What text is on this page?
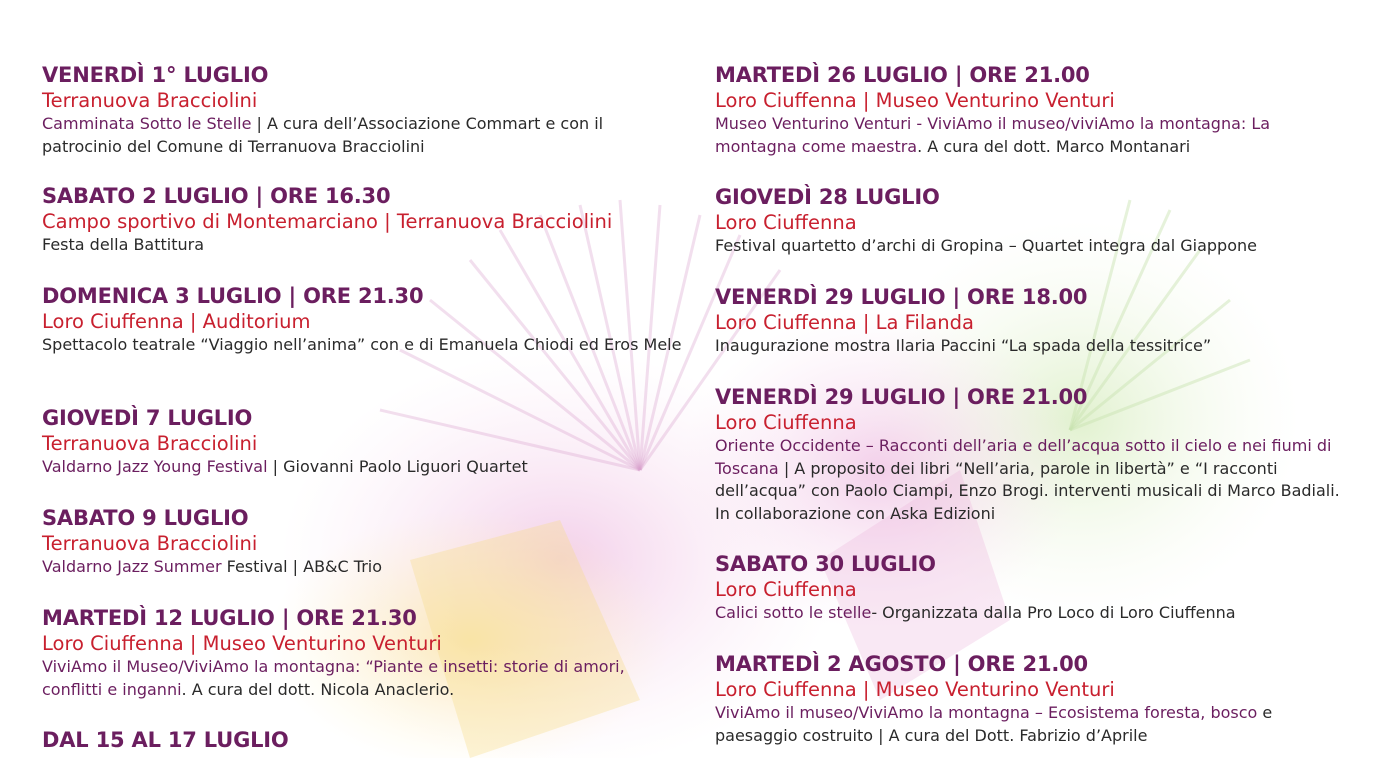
VENERDÌ 1° LUGLIO
Terranuova Bracciolini
Camminata Sotto le Stelle | A cura dell’Associazione Commart e con il patrocinio del Comune di Terranuova Bracciolini
SABATO 2 LUGLIO | ORE 16.30
Campo sportivo di Montemarciano | Terranuova Bracciolini
Festa della Battitura
DOMENICA 3 LUGLIO | ORE 21.30
Loro Ciuffenna | Auditorium
Spettacolo teatrale “Viaggio nell’anima” con e di Emanuela Chiodi ed Eros Mele
GIOVEDÌ 7 LUGLIO
Terranuova Bracciolini
Valdarno Jazz Young Festival | Giovanni Paolo Liguori Quartet
SABATO 9 LUGLIO
Terranuova Bracciolini
Valdarno Jazz Summer Festival | AB&C Trio
MARTEDÌ 12 LUGLIO | ORE 21.30
Loro Ciuffenna | Museo Venturino Venturi
ViviAmo il Museo/ViviAmo la montagna: “Piante e insetti: storie di amori, conflitti e inganni. A cura del dott. Nicola Anaclerio.
DAL 15 AL 17 LUGLIO
MARTEDÌ 26 LUGLIO | ORE 21.00
Loro Ciuffenna | Museo Venturino Venturi
Museo Venturino Venturi - ViviAmo il museo/viviAmo la montagna: La montagna come maestra. A cura del dott. Marco Montanari
GIOVEDÌ 28 LUGLIO
Loro Ciuffenna
Festival quartetto d’archi di Gropina – Quartet integra dal Giappone
VENERDÌ 29 LUGLIO | ORE 18.00
Loro Ciuffenna | La Filanda
Inaugurazione mostra Ilaria Paccini “La spada della tessitrice”
VENERDÌ 29 LUGLIO | ORE 21.00
Loro Ciuffenna
Oriente Occidente – Racconti dell’aria e dell’acqua sotto il cielo e nei fiumi di Toscana | A proposito dei libri “Nell’aria, parole in libertà” e “I racconti dell’acqua” con Paolo Ciampi, Enzo Brogi. interventi musicali di Marco Badiali. In collaborazione con Aska Edizioni
SABATO 30 LUGLIO
Loro Ciuffenna
Calici sotto le stelle- Organizzata dalla Pro Loco di Loro Ciuffenna
MARTEDÌ 2 AGOSTO | ORE 21.00
Loro Ciuffenna | Museo Venturino Venturi
ViviAmo il museo/ViviAmo la montagna – Ecosistema foresta, bosco e paesaggio costruito | A cura del Dott. Fabrizio d’Aprile
